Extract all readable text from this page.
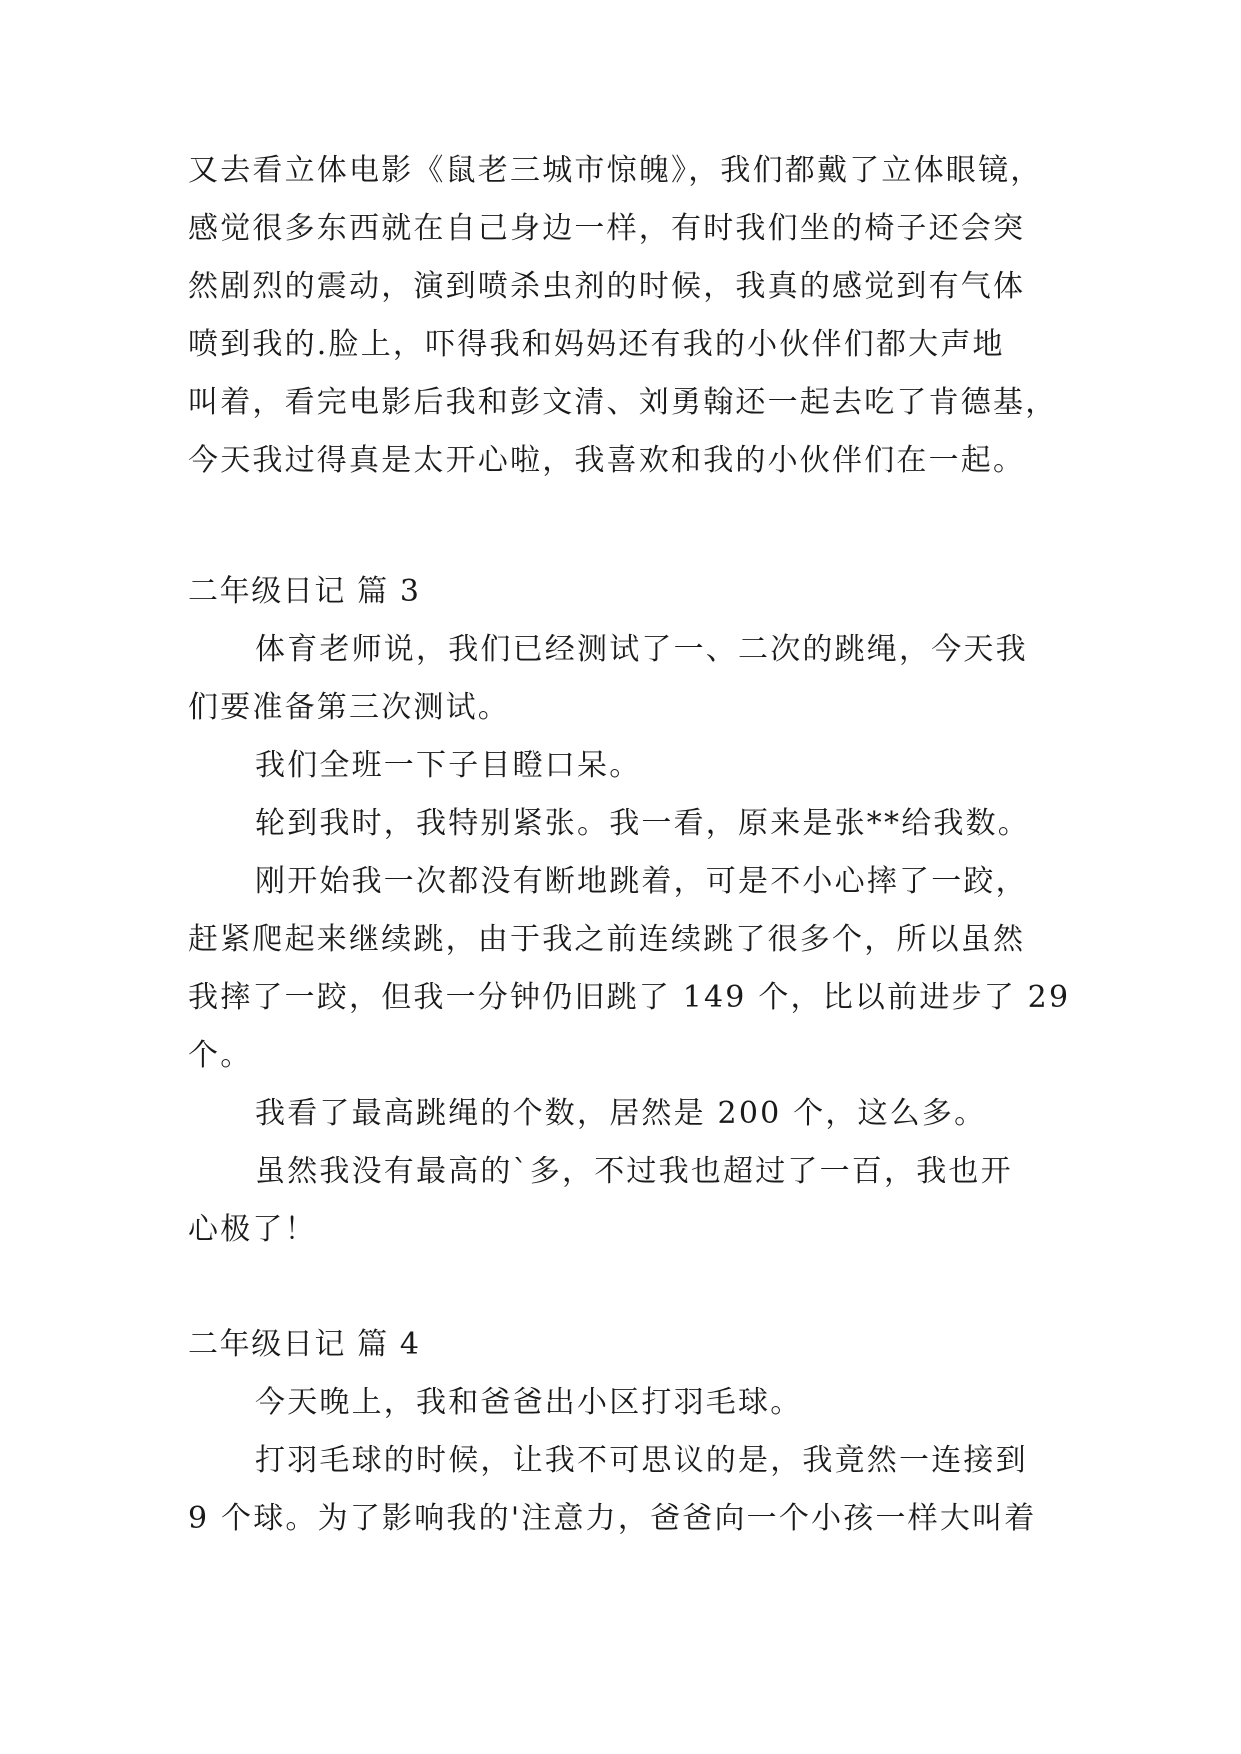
又去看立体电影《鼠老三城市惊魄》，我们都戴了立体眼镜，
感觉很多东西就在自己身边一样，有时我们坐的椅子还会突
然剧烈的震动，演到喷杀虫剂的时候，我真的感觉到有气体
喷到我的.脸上，吓得我和妈妈还有我的小伙伴们都大声地
叫着，看完电影后我和彭文清、刘勇翰还一起去吃了肯德基，
今天我过得真是太开心啦，我喜欢和我的小伙伴们在一起。
二年级日记 篇 3
体育老师说，我们已经测试了一、二次的跳绳，今天我
们要准备第三次测试。
我们全班一下子目瞪口呆。
轮到我时，我特别紧张。我一看，原来是张**给我数。
刚开始我一次都没有断地跳着，可是不小心摔了一跤，
赶紧爬起来继续跳，由于我之前连续跳了很多个，所以虽然
我摔了一跤，但我一分钟仍旧跳了 149 个，比以前进步了 29
个。
我看了最高跳绳的个数，居然是 200 个，这么多。
虽然我没有最高的`多，不过我也超过了一百，我也开
心极了！
二年级日记 篇 4
今天晚上，我和爸爸出小区打羽毛球。
打羽毛球的时候，让我不可思议的是，我竟然一连接到
9 个球。为了影响我的'注意力，爸爸向一个小孩一样大叫着
